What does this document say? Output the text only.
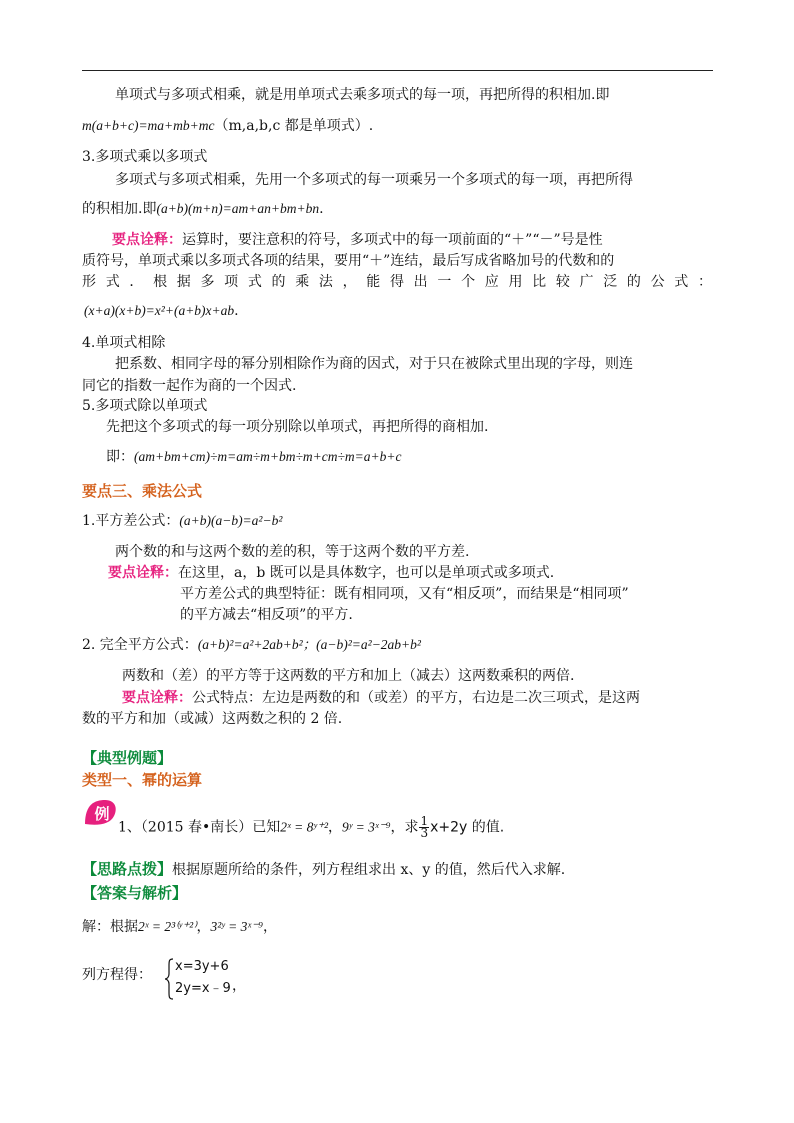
单项式与多项式相乘，就是用单项式去乘多项式的每一项，再把所得的积相加.即
m(a+b+c)=ma+mb+mc（m,a,b,c 都是单项式）.
3.多项式乘以多项式
多项式与多项式相乘，先用一个多项式的每一项乘另一个多项式的每一项，再把所得
的积相加.即(a+b)(m+n)=am+an+bm+bn.
要点诠释：运算时，要注意积的符号，多项式中的每一项前面的“＋”“－”号是性
质符号，单项式乘以多项式各项的结果，要用“＋”连结，最后写成省略加号的代数和的
形 式 ． 根 据 多 项 式 的 乘 法 ， 能 得 出 一 个 应 用 比 较 广 泛 的 公 式 ：
(x+a)(x+b)=x²+(a+b)x+ab.
4.单项式相除
把系数、相同字母的幂分别相除作为商的因式，对于只在被除式里出现的字母，则连
同它的指数一起作为商的一个因式.
5.多项式除以单项式
先把这个多项式的每一项分别除以单项式，再把所得的商相加.
即：(am+bm+cm)÷m=am÷m+bm÷m+cm÷m=a+b+c
要点三、乘法公式
1.平方差公式：(a+b)(a−b)=a²−b²
两个数的和与这两个数的差的积，等于这两个数的平方差.
要点诠释：在这里，a，b 既可以是具体数字，也可以是单项式或多项式.
平方差公式的典型特征：既有相同项，又有“相反项”，而结果是“相同项”
的平方减去“相反项”的平方.
2. 完全平方公式：(a+b)²=a²+2ab+b²；(a−b)²=a²−2ab+b²
两数和（差）的平方等于这两数的平方和加上（减去）这两数乘积的两倍.
要点诠释：公式特点：左边是两数的和（或差）的平方，右边是二次三项式，是这两
数的平方和加（或减）这两数之积的 2 倍.
【典型例题】
类型一、幂的运算
例
1、（2015 春•南长）已知2ˣ = 8ʸ⁺²，9ʸ = 3ˣ⁻⁹，求 $\frac{1}{3} x+2y$ 的值.
【思路点拨】根据原题所给的条件，列方程组求出 x、y 的值，然后代入求解.
【答案与解析】
解：根据2ˣ = 2³⁽ʸ⁺²⁾，3²ʸ = 3ˣ⁻⁹，
列方程得：
x=3y+6
2y=x﹣9 ，
